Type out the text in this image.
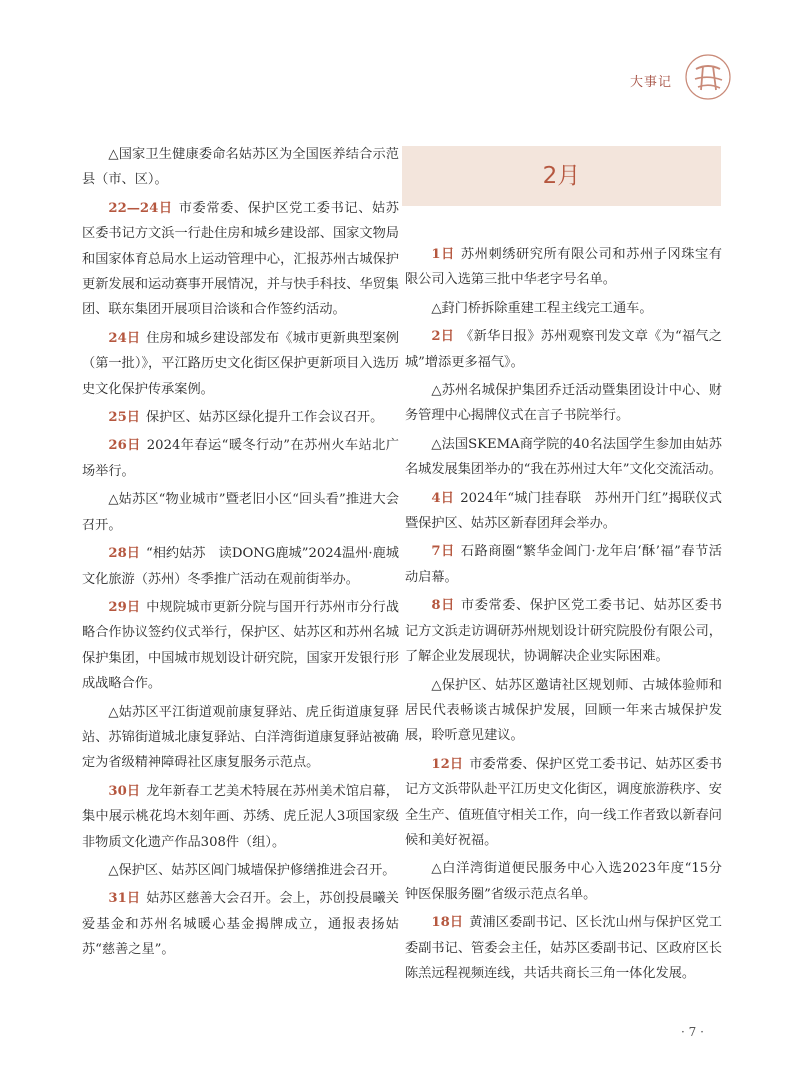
大事记

△国家卫生健康委命名姑苏区为全国医养结合示范县（市、区）。

22—24日 市委常委、保护区党工委书记、姑苏区委书记方文浜一行赴住房和城乡建设部、国家文物局和国家体育总局水上运动管理中心，汇报苏州古城保护更新发展和运动赛事开展情况，并与快手科技、华贸集团、联东集团开展项目洽谈和合作签约活动。

24日 住房和城乡建设部发布《城市更新典型案例（第一批）》，平江路历史文化街区保护更新项目入选历史文化保护传承案例。

25日 保护区、姑苏区绿化提升工作会议召开。

26日 2024年春运“暖冬行动”在苏州火车站北广场举行。

△姑苏区“物业城市”暨老旧小区“回头看”推进大会召开。

28日 “相约姑苏　读DONG鹿城”2024温州·鹿城文化旅游（苏州）冬季推广活动在观前街举办。

29日 中规院城市更新分院与国开行苏州市分行战略合作协议签约仪式举行，保护区、姑苏区和苏州名城保护集团，中国城市规划设计研究院，国家开发银行形成战略合作。

△姑苏区平江街道观前康复驿站、虎丘街道康复驿站、苏锦街道城北康复驿站、白洋湾街道康复驿站被确定为省级精神障碍社区康复服务示范点。

30日 龙年新春工艺美术特展在苏州美术馆启幕，集中展示桃花坞木刻年画、苏绣、虎丘泥人3项国家级非物质文化遗产作品308件（组）。

△保护区、姑苏区阊门城墙保护修缮推进会召开。

31日 姑苏区慈善大会召开。会上，苏创投晨曦关爱基金和苏州名城暖心基金揭牌成立，通报表扬姑苏“慈善之星”。

2月

1日 苏州刺绣研究所有限公司和苏州子冈珠宝有限公司入选第三批中华老字号名单。

△葑门桥拆除重建工程主线完工通车。

2日 《新华日报》苏州观察刊发文章《为“福气之城”增添更多福气》。

△苏州名城保护集团乔迁活动暨集团设计中心、财务管理中心揭牌仪式在言子书院举行。

△法国SKEMA商学院的40名法国学生参加由姑苏名城发展集团举办的“我在苏州过大年”文化交流活动。

4日 2024年“城门挂春联　苏州开门红”揭联仪式暨保护区、姑苏区新春团拜会举办。

7日 石路商圈“繁华金阊门·龙年启‘酥’福”春节活动启幕。

8日 市委常委、保护区党工委书记、姑苏区委书记方文浜走访调研苏州规划设计研究院股份有限公司，了解企业发展现状，协调解决企业实际困难。

△保护区、姑苏区邀请社区规划师、古城体验师和居民代表畅谈古城保护发展，回顾一年来古城保护发展，聆听意见建议。

12日 市委常委、保护区党工委书记、姑苏区委书记方文浜带队赴平江历史文化街区，调度旅游秩序、安全生产、值班值守相关工作，向一线工作者致以新春问候和美好祝福。

△白洋湾街道便民服务中心入选2023年度“15分钟医保服务圈”省级示范点名单。

18日 黄浦区委副书记、区长沈山州与保护区党工委副书记、管委会主任，姑苏区委副书记、区政府区长陈羔远程视频连线，共话共商长三角一体化发展。

· 7 ·
